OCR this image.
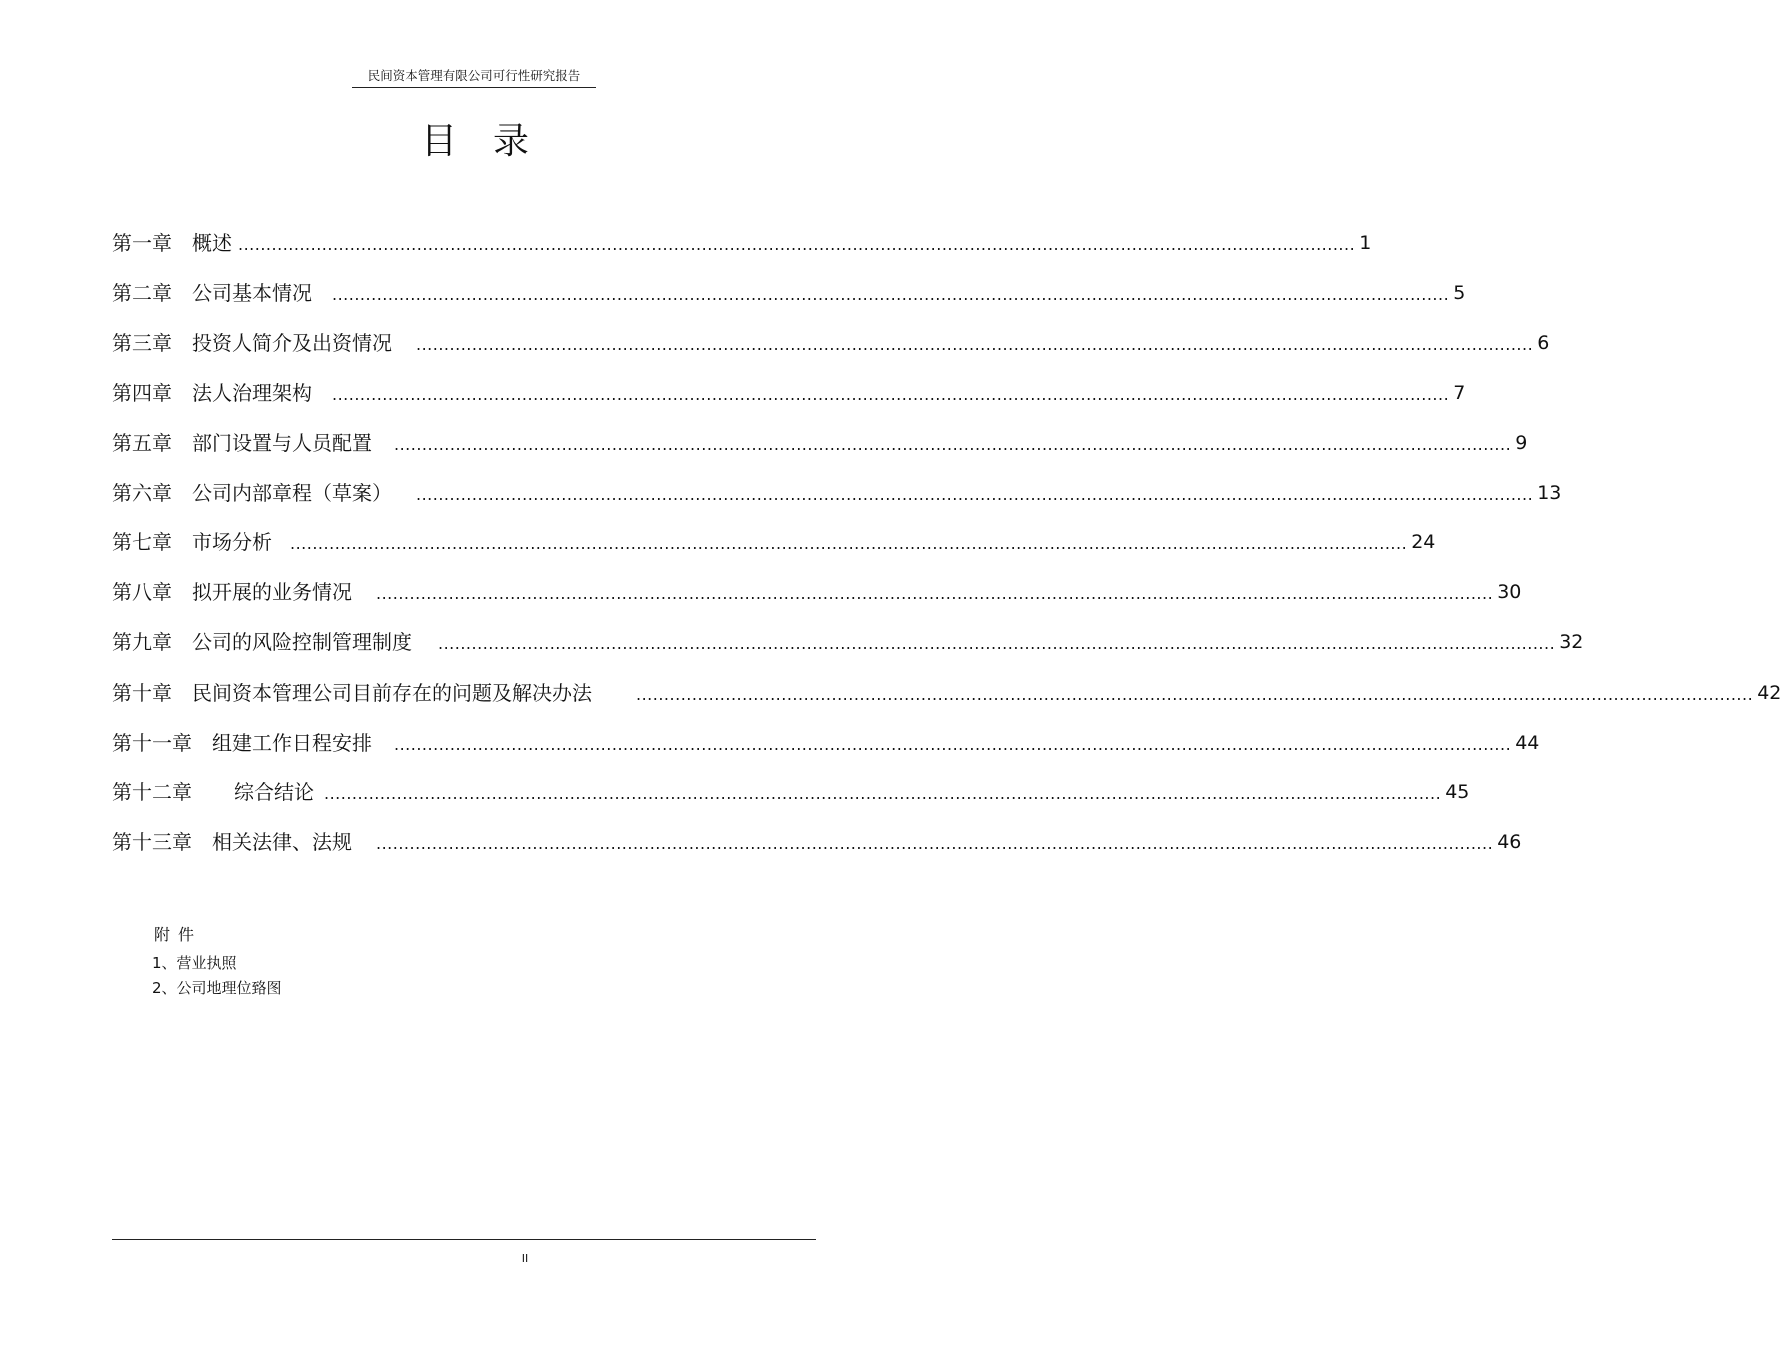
民间资本管理有限公司可行性研究报告
目录
第一章 概述 ........................................................................................................................................................................................................ 1
第二章 公司基本情况 ........................................................................................................................................................................................................ 5
第三章 投资人简介及出资情况 ........................................................................................................................................................................................................ 6
第四章 法人治理架构 ........................................................................................................................................................................................................ 7
第五章 部门设置与人员配置 ........................................................................................................................................................................................................ 9
第六章 公司内部章程（草案） ........................................................................................................................................................................................................ 13
第七章 市场分析 ........................................................................................................................................................................................................ 24
第八章 拟开展的业务情况 ........................................................................................................................................................................................................ 30
第九章 公司的风险控制管理制度 ........................................................................................................................................................................................................ 32
第十章 民间资本管理公司目前存在的问题及解决办法	........................................................................................................................................................................................................ 42
第十一章 组建工作日程安排 ........................................................................................................................................................................................................ 44
第十二章 综合结论 ........................................................................................................................................................................................................ 45
第十三章 相关法律、法规 ........................................................................................................................................................................................................ 46
附件
1、营业执照
2、公司地理位臵图
II
